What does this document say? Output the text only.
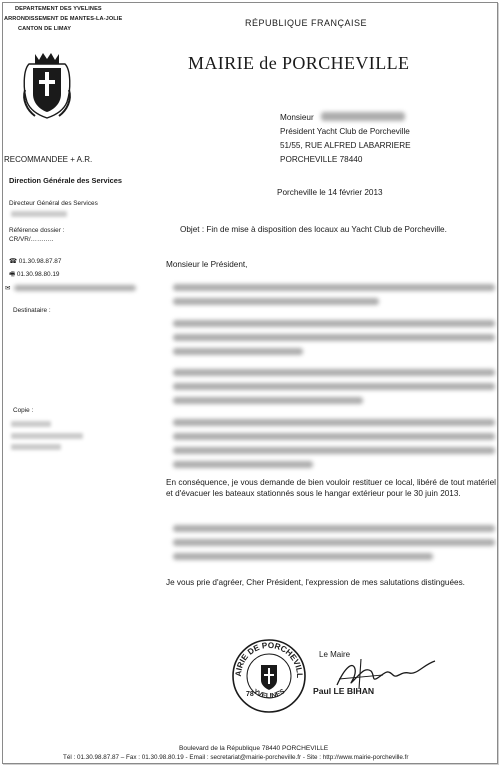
DEPARTEMENT DES YVELINES
ARRONDISSEMENT DE MANTES-LA-JOLIE
CANTON DE LIMAY
RÉPUBLIQUE FRANÇAISE
MAIRIE de PORCHEVILLE
Monsieur
Président Yacht Club de Porcheville
51/55, RUE ALFRED LABARRIERE
PORCHEVILLE 78440
RECOMMANDEE + A.R.
Direction Générale des Services
Directeur Général des Services
Référence dossier :
CR/VR/………..
☎ 01.30.98.87.87
🖷 01.30.98.80.19
✉
Destinataire :
Copie :
Porcheville le 14 février 2013
Objet : Fin de mise à disposition des locaux au Yacht Club de Porcheville.
Monsieur le Président,
En conséquence, je vous demande de bien vouloir restituer ce local, libéré de tout matériel et d'évacuer les bateaux stationnés sous le hangar extérieur pour le 30 juin 2013.
Je vous prie d'agréer, Cher Président, l'expression de mes salutations distinguées.
AIRIE DE PORCHEVILL
YVELINES
78
Le Maire
Paul LE BIHAN
Boulevard de la République 78440 PORCHEVILLE
Tél : 01.30.98.87.87 – Fax : 01.30.98.80.19 - Email : secretariat@mairie-porcheville.fr - Site : http://www.mairie-porcheville.fr
